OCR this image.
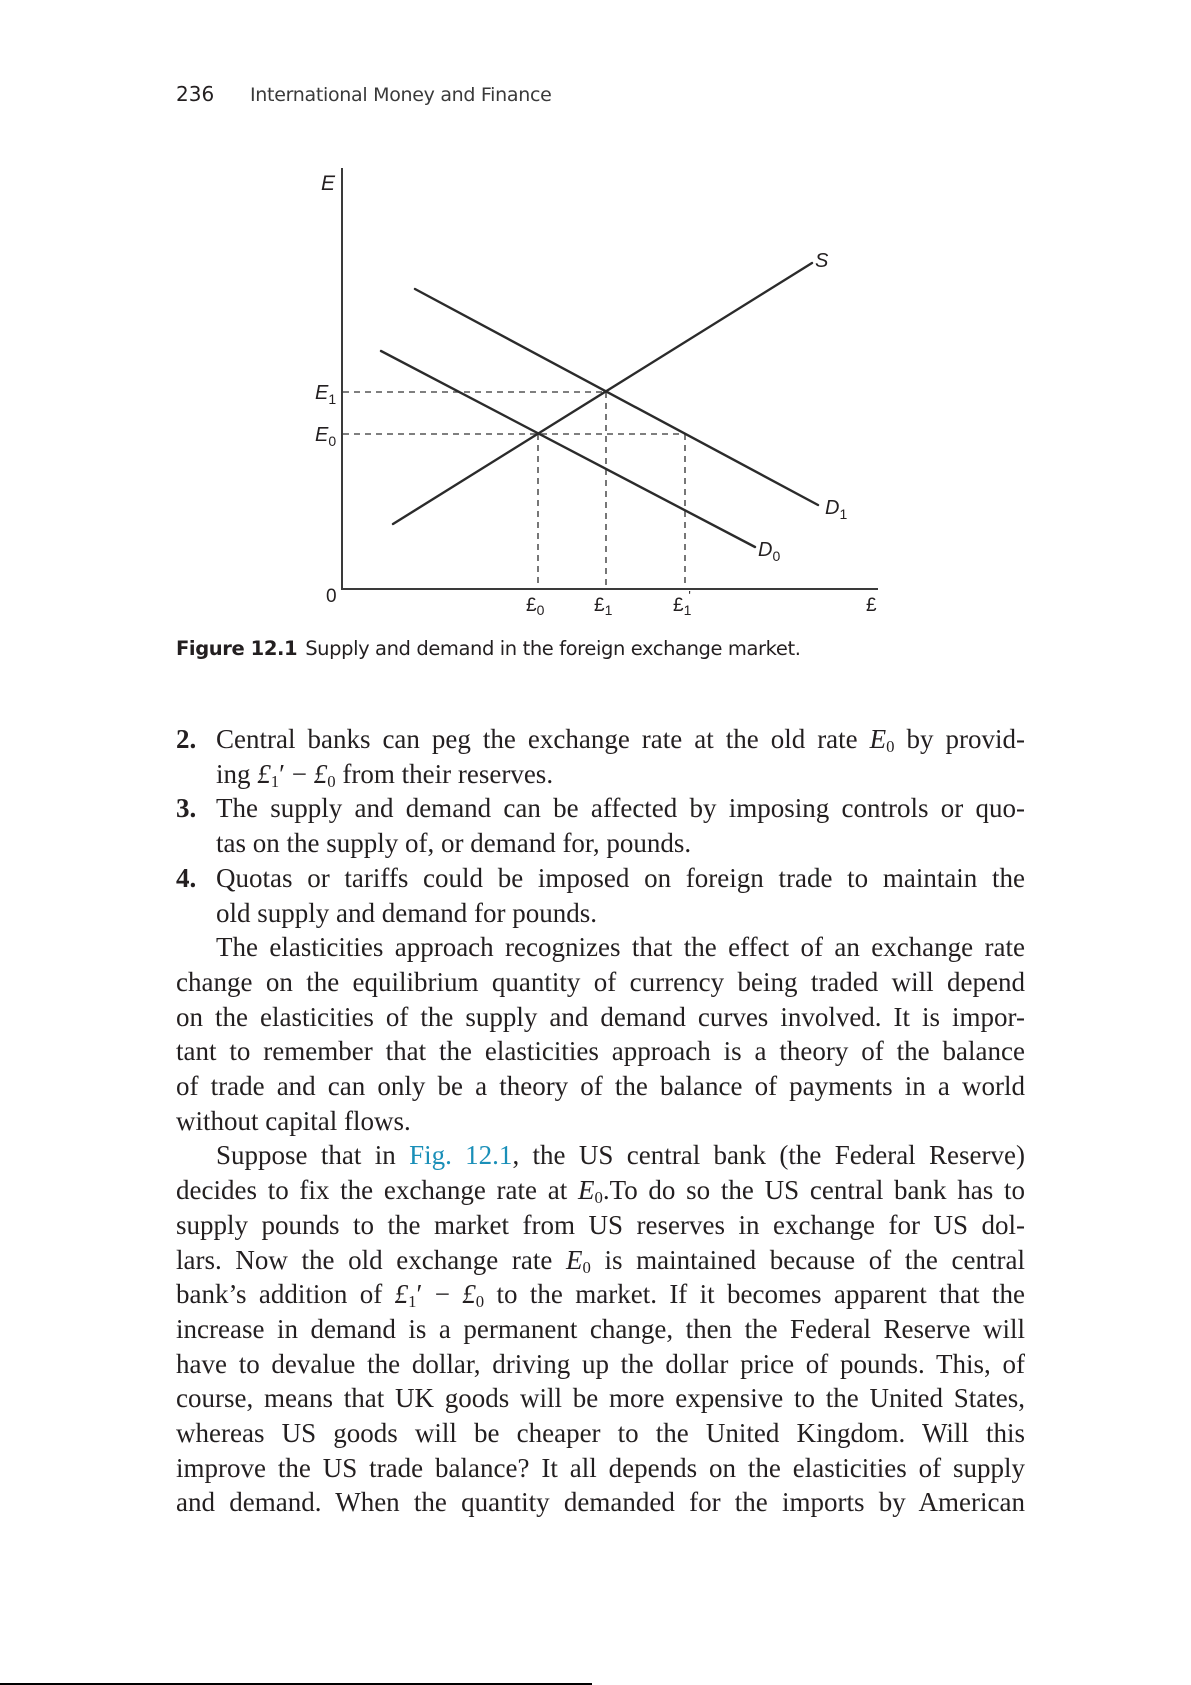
236 International Money and Finance
E
S
$D_1$
$D_0$
$E_1$
$E_0$
0	$£_0$	$£_1$	$£_1'$	£
Figure 12.1 Supply and demand in the foreign exchange market.
2. Central banks can peg the exchange rate at the old rate $E_0$ by provid-
ing $£_1'$ − $£_0$ from their reserves.
3. The supply and demand can be affected by imposing controls or quo-
tas on the supply of, or demand for, pounds.
4. Quotas or tariffs could be imposed on foreign trade to maintain the
old supply and demand for pounds.
The elasticities approach recognizes that the effect of an exchange rate
change on the equilibrium quantity of currency being traded will depend
on the elasticities of the supply and demand curves involved. It is impor-
tant to remember that the elasticities approach is a theory of the balance
of trade and can only be a theory of the balance of payments in a world
without capital flows.
Suppose that in Fig. 12.1, the US central bank (the Federal Reserve)
decides to fix the exchange rate at $E_0.To$ do so the US central bank has to
supply pounds to the market from US reserves in exchange for US dol-
lars. Now the old exchange rate $E_0$ is maintained because of the central
bank’s addition of $£_1'$ − $£_0$ to the market. If it becomes apparent that the
increase in demand is a permanent change, then the Federal Reserve will
have to devalue the dollar, driving up the dollar price of pounds. This, of
course, means that UK goods will be more expensive to the United States,
whereas US goods will be cheaper to the United Kingdom. Will this
improve the US trade balance? It all depends on the elasticities of supply
and demand. When the quantity demanded for the imports by American
